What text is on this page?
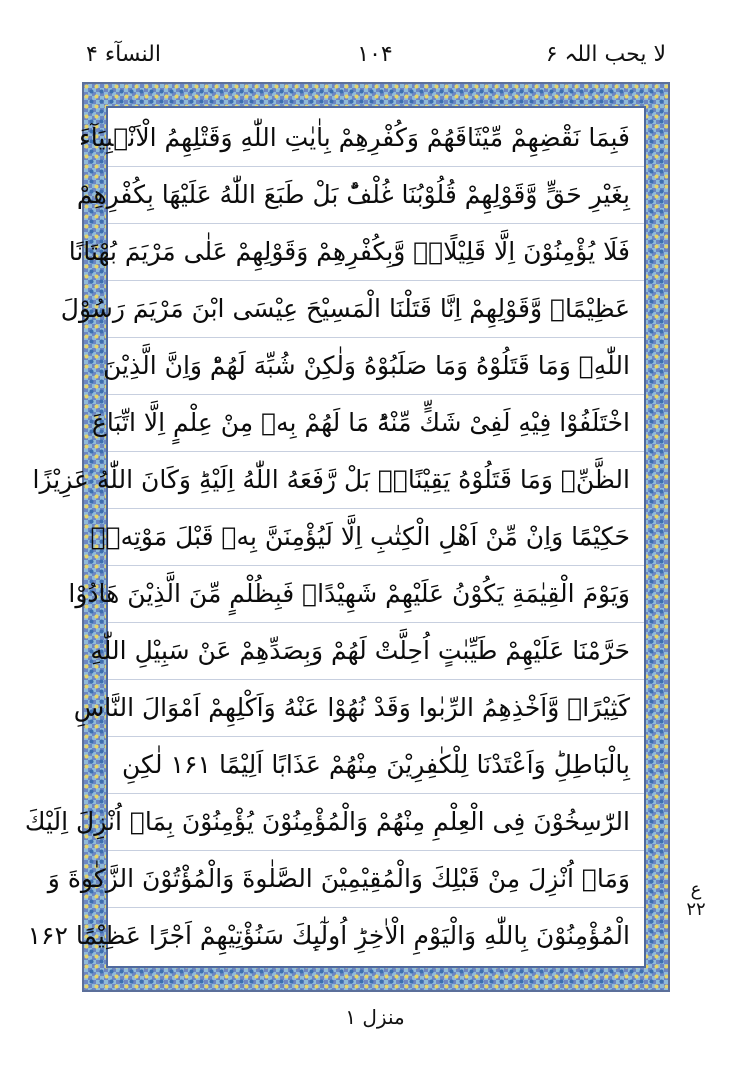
النسآء ۴	۱۰۴	لا یحب اللہ ۶
فَبِمَا نَقْضِهِمْ مِّیْثَاقَهُمْ وَكُفْرِهِمْ بِاٰیٰتِ اللّٰهِ وَقَتْلِهِمُ الْاَنْۢبِیَآءَ
بِغَیْرِ حَقٍّ وَّقَوْلِهِمْ قُلُوْبُنَا غُلْفٌؕ بَلْ طَبَعَ اللّٰهُ عَلَیْهَا بِكُفْرِهِمْ
فَلَا یُؤْمِنُوْنَ اِلَّا قَلِیْلًا۪ۙ وَّبِكُفْرِهِمْ وَقَوْلِهِمْ عَلٰى مَرْیَمَ بُهْتَانًا
عَظِیْمًاۙ وَّقَوْلِهِمْ اِنَّا قَتَلْنَا الْمَسِیْحَ عِیْسَى ابْنَ مَرْیَمَ رَسُوْلَ
اللّٰهِۚ وَمَا قَتَلُوْهُ وَمَا صَلَبُوْهُ وَلٰكِنْ شُبِّهَ لَهُمْؕ وَاِنَّ الَّذِیْنَ
اخْتَلَفُوْا فِیْهِ لَفِیْ شَكٍّ مِّنْهُؕ مَا لَهُمْ بِهٖ مِنْ عِلْمٍ اِلَّا اتِّبَاعَ
الظَّنِّۚ وَمَا قَتَلُوْهُ یَقِیْنًاۢۙ بَلْ رَّفَعَهُ اللّٰهُ اِلَیْهِؕ وَكَانَ اللّٰهُ عَزِیْزًا
حَكِیْمًا وَاِنْ مِّنْ اَهْلِ الْكِتٰبِ اِلَّا لَیُؤْمِنَنَّ بِهٖ قَبْلَ مَوْتِهٖۚ
وَیَوْمَ الْقِیٰمَةِ یَكُوْنُ عَلَیْهِمْ شَهِیْدًاۚ فَبِظُلْمٍ مِّنَ الَّذِیْنَ هَادُوْا
حَرَّمْنَا عَلَیْهِمْ طَیِّبٰتٍ اُحِلَّتْ لَهُمْ وَبِصَدِّهِمْ عَنْ سَبِیْلِ اللّٰهِ
كَثِیْرًاۙ وَّاَخْذِهِمُ الرِّبٰوا وَقَدْ نُهُوْا عَنْهُ وَاَكْلِهِمْ اَمْوَالَ النَّاسِ
بِالْبَاطِلِؕ وَاَعْتَدْنَا لِلْكٰفِرِیْنَ مِنْهُمْ عَذَابًا اَلِیْمًا ۱۶۱ لٰكِنِ
الرّٰسِخُوْنَ فِی الْعِلْمِ مِنْهُمْ وَالْمُؤْمِنُوْنَ یُؤْمِنُوْنَ بِمَاۤ اُنْزِلَ اِلَیْكَ
وَمَاۤ اُنْزِلَ مِنْ قَبْلِكَ وَالْمُقِیْمِیْنَ الصَّلٰوةَ وَالْمُؤْتُوْنَ الزَّكٰوةَ وَ
الْمُؤْمِنُوْنَ بِاللّٰهِ وَالْیَوْمِ الْاٰخِرِؕ اُولٰٓىِٕكَ سَنُؤْتِیْهِمْ اَجْرًا عَظِیْمًا ۱۶۲
ع ۲۲
منزل ۱
